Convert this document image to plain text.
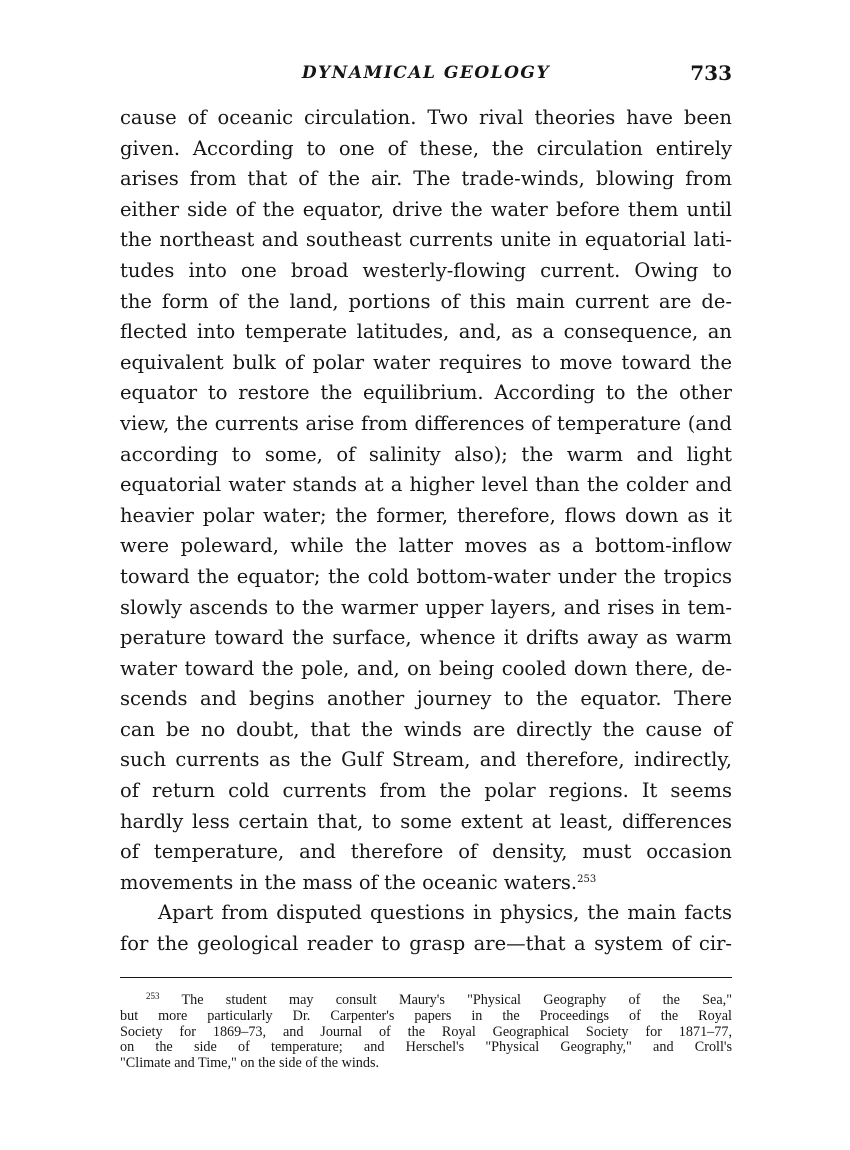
DYNAMICAL GEOLOGY	733
cause of oceanic circulation. Two rival theories have been
given. According to one of these, the circulation entirely
arises from that of the air. The trade-winds, blowing from
either side of the equator, drive the water before them until
the northeast and southeast currents unite in equatorial lati-
tudes into one broad westerly-flowing current. Owing to
the form of the land, portions of this main current are de-
flected into temperate latitudes, and, as a consequence, an
equivalent bulk of polar water requires to move toward the
equator to restore the equilibrium. According to the other
view, the currents arise from differences of temperature (and
according to some, of salinity also); the warm and light
equatorial water stands at a higher level than the colder and
heavier polar water; the former, therefore, flows down as it
were poleward, while the latter moves as a bottom-inflow
toward the equator; the cold bottom-water under the tropics
slowly ascends to the warmer upper layers, and rises in tem-
perature toward the surface, whence it drifts away as warm
water toward the pole, and, on being cooled down there, de-
scends and begins another journey to the equator. There
can be no doubt, that the winds are directly the cause of
such currents as the Gulf Stream, and therefore, indirectly,
of return cold currents from the polar regions. It seems
hardly less certain that, to some extent at least, differences
of temperature, and therefore of density, must occasion
movements in the mass of the oceanic waters.$^{253}$
Apart from disputed questions in physics, the main facts
for the geological reader to grasp are—that a system of cir-
$^{253}$ The student may consult Maury's "Physical Geography of the Sea,"
but more particularly Dr. Carpenter's papers in the Proceedings of the Royal
Society for 1869–73, and Journal of the Royal Geographical Society for 1871–77,
on the side of temperature; and Herschel's "Physical Geography," and Croll's
"Climate and Time," on the side of the winds.
